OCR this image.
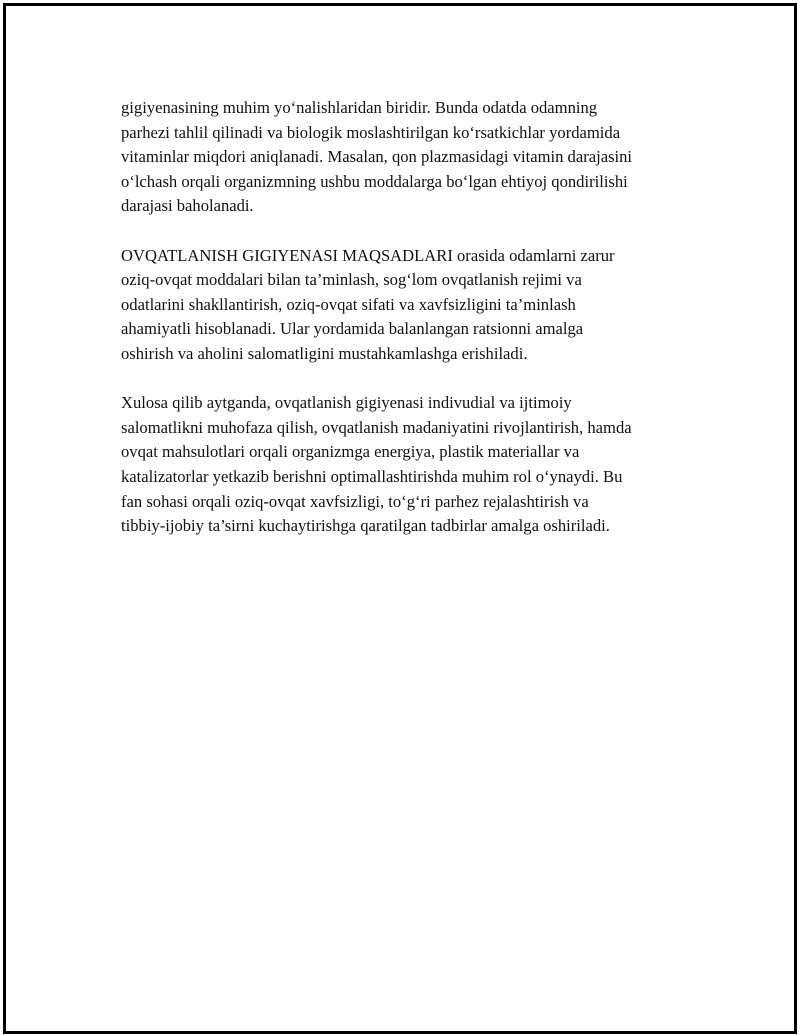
gigiyenasining muhim yo‘nalishlaridan biridir. Bunda odatda odamning
parhezi tahlil qilinadi va biologik moslashtirilgan ko‘rsatkichlar yordamida
vitaminlar miqdori aniqlanadi. Masalan, qon plazmasidagi vitamin darajasini
o‘lchash orqali organizmning ushbu moddalarga bo‘lgan ehtiyoj qondirilishi
darajasi baholanadi.

OVQATLANISH GIGIYENASI MAQSADLARI orasida odamlarni zarur
oziq-ovqat moddalari bilan ta’minlash, sog‘lom ovqatlanish rejimi va
odatlarini shakllantirish, oziq-ovqat sifati va xavfsizligini ta’minlash
ahamiyatli hisoblanadi. Ular yordamida balanlangan ratsionni amalga
oshirish va aholini salomatligini mustahkamlashga erishiladi.

Xulosa qilib aytganda, ovqatlanish gigiyenasi indivudial va ijtimoiy
salomatlikni muhofaza qilish, ovqatlanish madaniyatini rivojlantirish, hamda
ovqat mahsulotlari orqali organizmga energiya, plastik materiallar va
katalizatorlar yetkazib berishni optimallashtirishda muhim rol o‘ynaydi. Bu
fan sohasi orqali oziq-ovqat xavfsizligi, to‘g‘ri parhez rejalashtirish va
tibbiy-ijobiy ta’sirni kuchaytirishga qaratilgan tadbirlar amalga oshiriladi.
